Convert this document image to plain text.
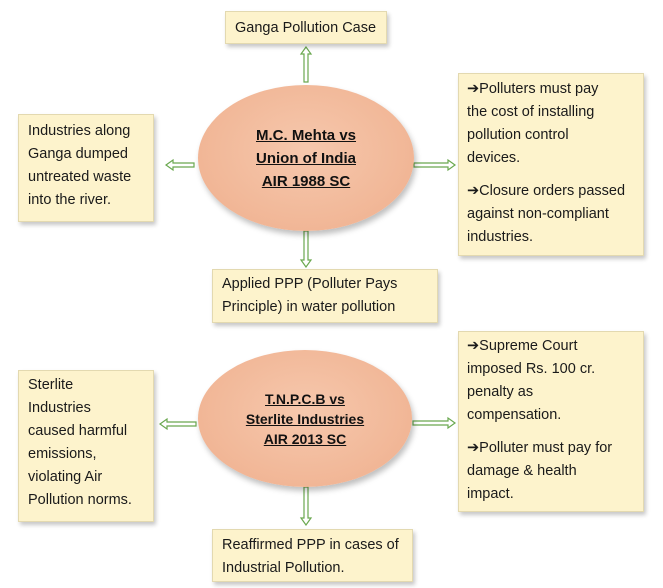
Ganga Pollution Case

M.C. Mehta vs
Union of India
AIR 1988 SC

Industries along

Ganga dumped

untreated waste

into the river.

➔Polluters must pay

the cost of installing

pollution control

devices.

➔Closure orders passed

against non-compliant

industries.

Applied PPP (Polluter Pays

Principle) in water pollution

T.N.P.C.B vs
Sterlite Industries
AIR 2013 SC

Sterlite

Industries

caused harmful

emissions,

violating Air

Pollution norms.

➔Supreme Court

imposed Rs. 100 cr.

penalty as

compensation.

➔Polluter must pay for

damage & health

impact.

Reaffirmed PPP in cases of

Industrial Pollution.
